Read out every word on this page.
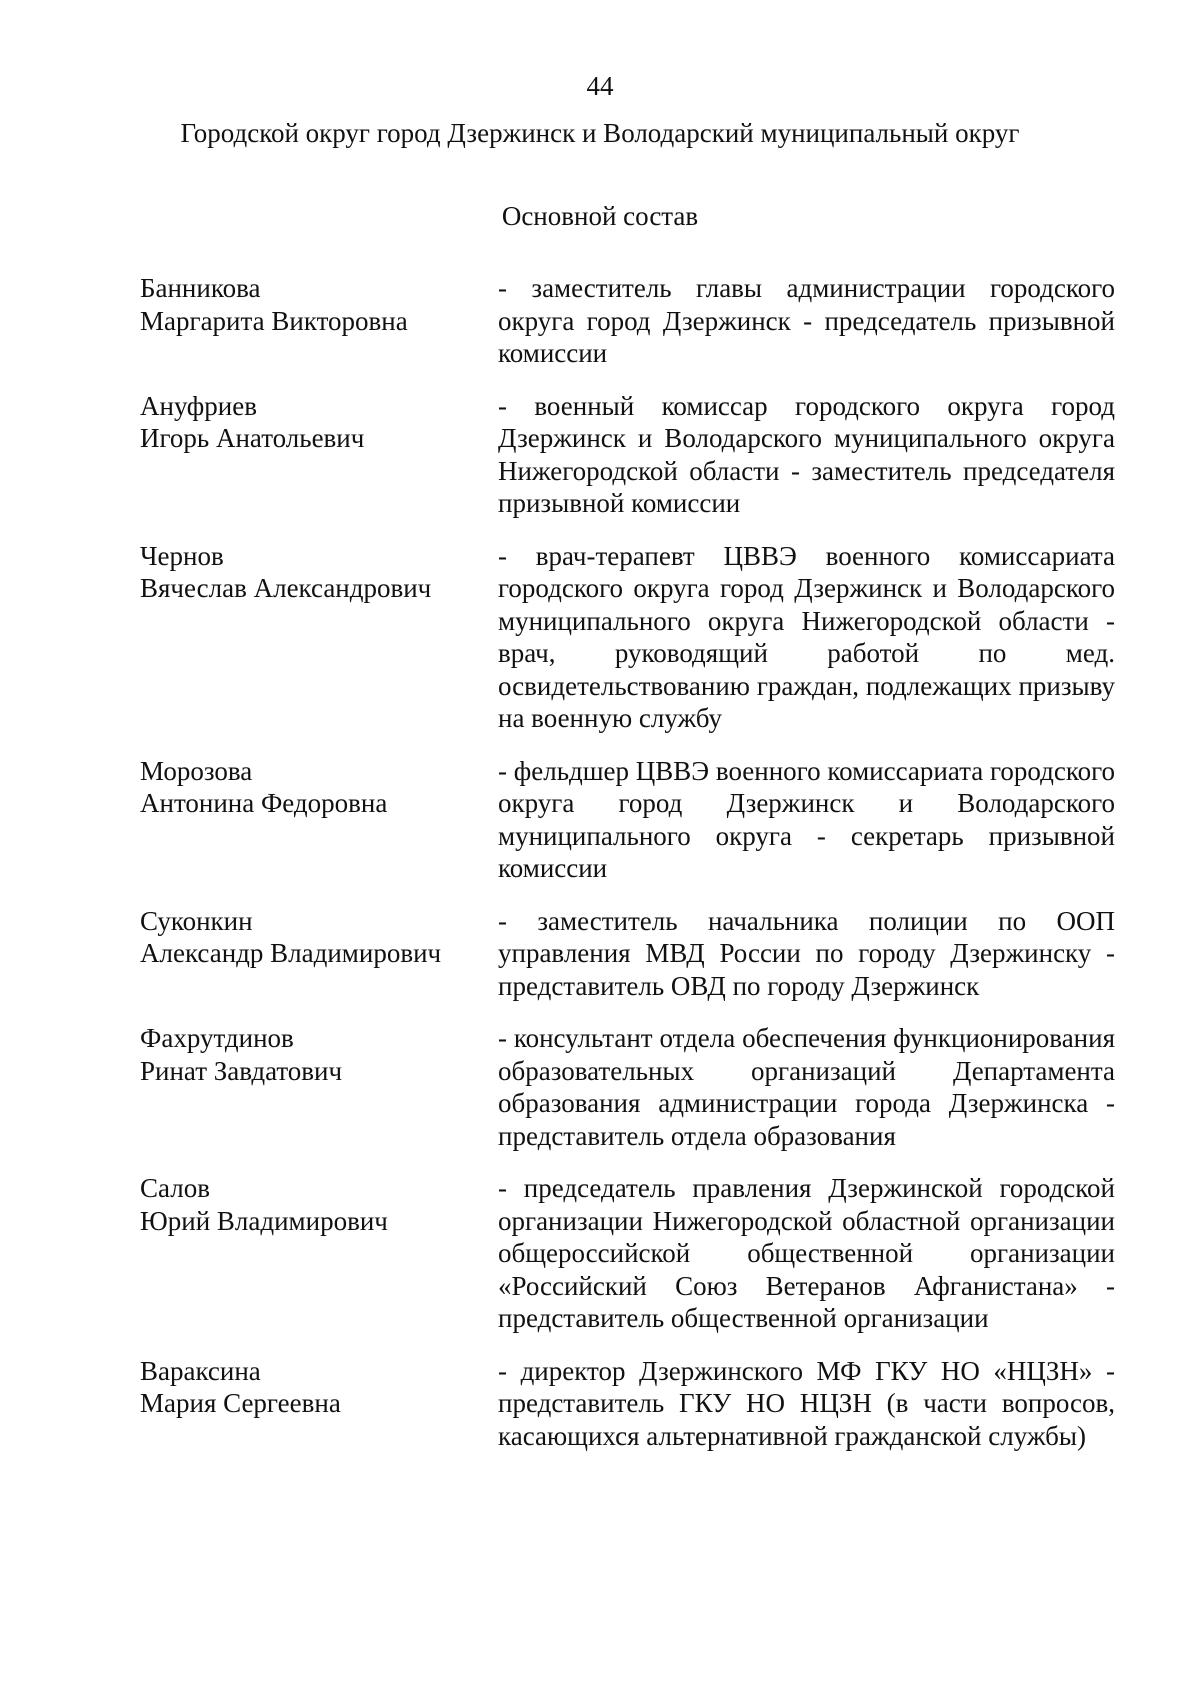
44
Городской округ город Дзержинск и Володарский муниципальный округ
Основной состав
Банникова
Маргарита Викторовна
- заместитель главы администрации городского округа город Дзержинск - председатель призывной комиссии
Ануфриев
Игорь Анатольевич
- военный комиссар городского округа город Дзержинск и Володарского муниципального округа Нижегородской области - заместитель председателя призывной комиссии
Чернов
Вячеслав Александрович
- врач-терапевт ЦВВЭ военного комиссариата городского округа город Дзержинск и Володарского муниципального округа Нижегородской области - врач, руководящий работой по мед. освидетельствованию граждан, подлежащих призыву на военную службу
Морозова
Антонина Федоровна
- фельдшер ЦВВЭ военного комиссариата городского округа город Дзержинск и Володарского муниципального округа - секретарь призывной комиссии
Суконкин
Александр Владимирович
- заместитель начальника полиции по ООП управления МВД России по городу Дзержинску - представитель ОВД по городу Дзержинск
Фахрутдинов
Ринат Завдатович
- консультант отдела обеспечения функционирования образовательных организаций Департамента образования администрации города Дзержинска - представитель отдела образования
Салов
Юрий Владимирович
- председатель правления Дзержинской городской организации Нижегородской областной организации общероссийской общественной организации «Российский Союз Ветеранов Афганистана» - представитель общественной организации
Вараксина
Мария Сергеевна
- директор Дзержинского МФ ГКУ НО «НЦЗН» - представитель ГКУ НО НЦЗН (в части вопросов, касающихся альтернативной гражданской службы)
